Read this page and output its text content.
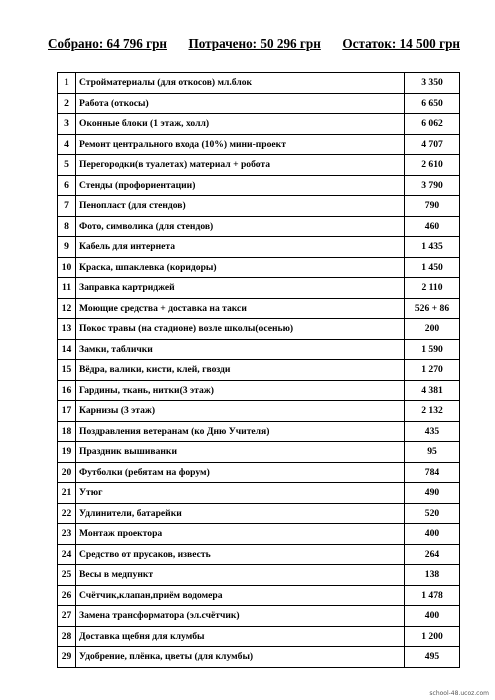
Собрано: 64 796 грн Потрачено: 50 296 грн Остаток: 14 500 грн
1	Стройматериалы (для откосов) мл.блок	3 350
2	Работа (откосы)	6 650
3	Оконные блоки (1 этаж, холл)	6 062
4	Ремонт центрального входа (10%) мини-проект	4 707
5	Перегородки(в туалетах) материал + робота	2 610
6	Стенды (профориентации)	3 790
7	Пенопласт (для стендов)	790
8	Фото, символика (для стендов)	460
9	Кабель для интернета	1 435
10	Краска, шпаклевка (коридоры)	1 450
11	Заправка картриджей	2 110
12	Моющие средства + доставка на такси	526 + 86
13	Покос травы (на стадионе) возле школы(осенью)	200
14	Замки, таблички	1 590
15	Вёдра, валики, кисти, клей, гвозди	1 270
16	Гардины, ткань, нитки(3 этаж)	4 381
17	Карнизы (3 этаж)	2 132
18	Поздравления ветеранам (ко Дню Учителя)	435
19	Праздник вышиванки	95
20	Футболки (ребятам на форум)	784
21	Утюг	490
22	Удлинители, батарейки	520
23	Монтаж проектора	400
24	Средство от прусаков, известь	264
25	Весы в медпункт	138
26	Счётчик,клапан,приём водомера	1 478
27	Замена трансформатора (эл.счётчик)	400
28	Доставка щебня для клумбы	1 200
29	Удобрение, плёнка, цветы (для клумбы)	495
school-48.ucoz.com
